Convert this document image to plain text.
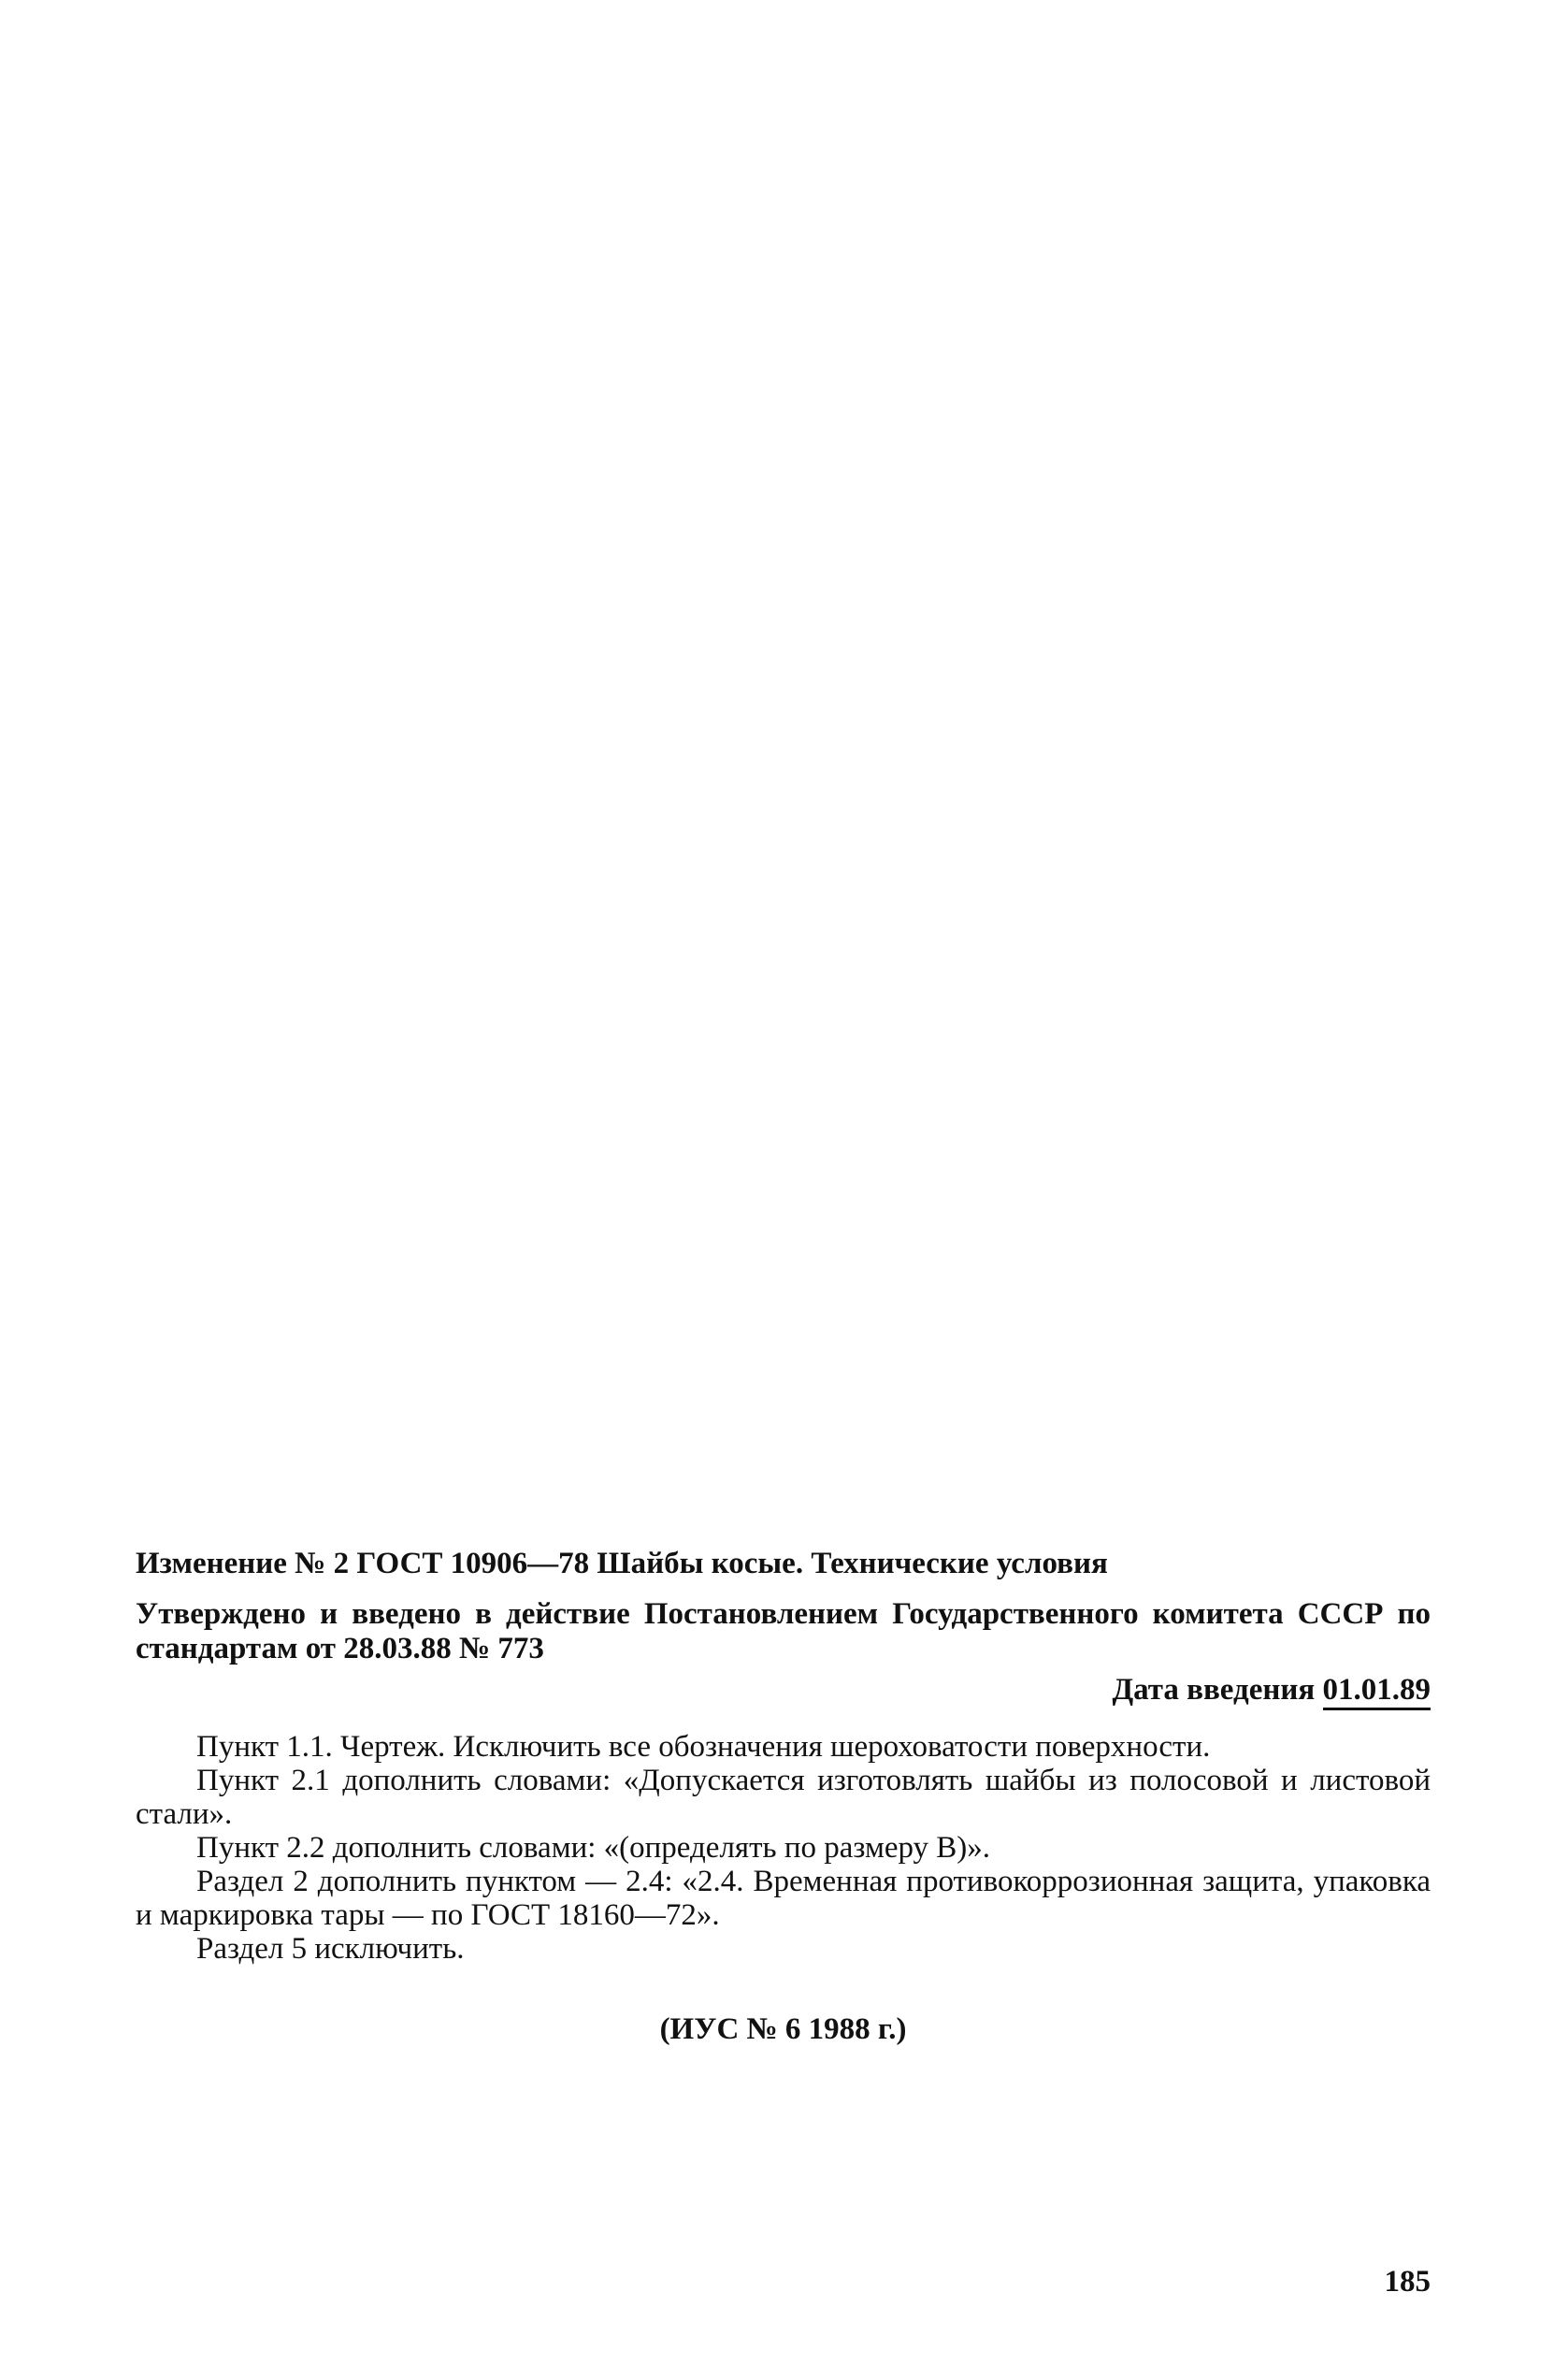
Изменение № 2 ГОСТ 10906—78 Шайбы косые. Технические условия
Утверждено и введено в действие Постановлением Государственного комитета СССР по стандартам от 28.03.88 № 773
Дата введения 01.01.89

Пункт 1.1. Чертеж. Исключить все обозначения шероховатости поверхности.

Пункт 2.1 дополнить словами: «Допускается изготовлять шайбы из полосовой и листовой стали».

Пункт 2.2 дополнить словами: «(определять по размеру В)».

Раздел 2 дополнить пунктом — 2.4: «2.4. Временная противокоррозионная защита, упаковка и маркировка тары — по ГОСТ 18160—72».

Раздел 5 исключить.

(ИУС № 6 1988 г.)
185
